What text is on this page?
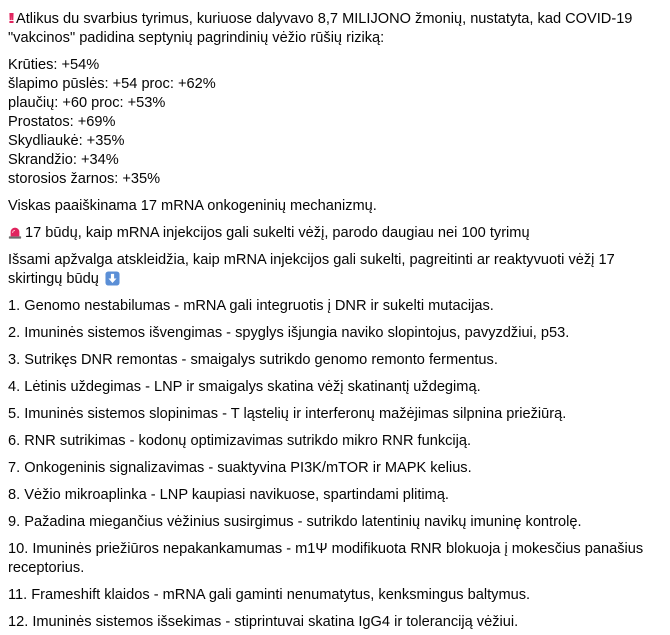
!! Atlikus du svarbius tyrimus, kuriuose dalyvavo 8,7 MILIJONO žmonių, nustatyta, kad COVID-19 "vakcinos" padidina septynių pagrindinių vėžio rūšių riziką:

Krūties: +54%

šlapimo pūslės: +54 proc: +62%

plaučių: +60 proc: +53%

Prostatos: +69%

Skydliaukė: +35%

Skrandžio: +34%

storosios žarnos: +35%

Viskas paaiškinama 17 mRNA onkogeninių mechanizmų.

17 būdų, kaip mRNA injekcijos gali sukelti vėžį, parodo daugiau nei 100 tyrimų

Išsami apžvalga atskleidžia, kaip mRNA injekcijos gali sukelti, pagreitinti ar reaktyvuoti vėžį 17 skirtingų būdų

1. Genomo nestabilumas - mRNA gali integruotis į DNR ir sukelti mutacijas.

2. Imuninės sistemos išvengimas - spyglys išjungia naviko slopintojus, pavyzdžiui, p53.

3. Sutrikęs DNR remontas - smaigalys sutrikdo genomo remonto fermentus.

4. Lėtinis uždegimas - LNP ir smaigalys skatina vėžį skatinantį uždegimą.

5. Imuninės sistemos slopinimas - T ląstelių ir interferonų mažėjimas silpnina priežiūrą.

6. RNR sutrikimas - kodonų optimizavimas sutrikdo mikro RNR funkciją.

7. Onkogeninis signalizavimas - suaktyvina PI3K/mTOR ir MAPK kelius.

8. Vėžio mikroaplinka - LNP kaupiasi navikuose, spartindami plitimą.

9. Pažadina miegančius vėžinius susirgimus - sutrikdo latentinių navikų imuninę kontrolę.

10. Imuninės priežiūros nepakankamumas - m1Ψ modifikuota RNR blokuoja į mokesčius panašius receptorius.

11. Frameshift klaidos - mRNA gali gaminti nenumatytus, kenksmingus baltymus.

12. Imuninės sistemos išsekimas - stiprintuvai skatina IgG4 ir toleranciją vėžiui.
